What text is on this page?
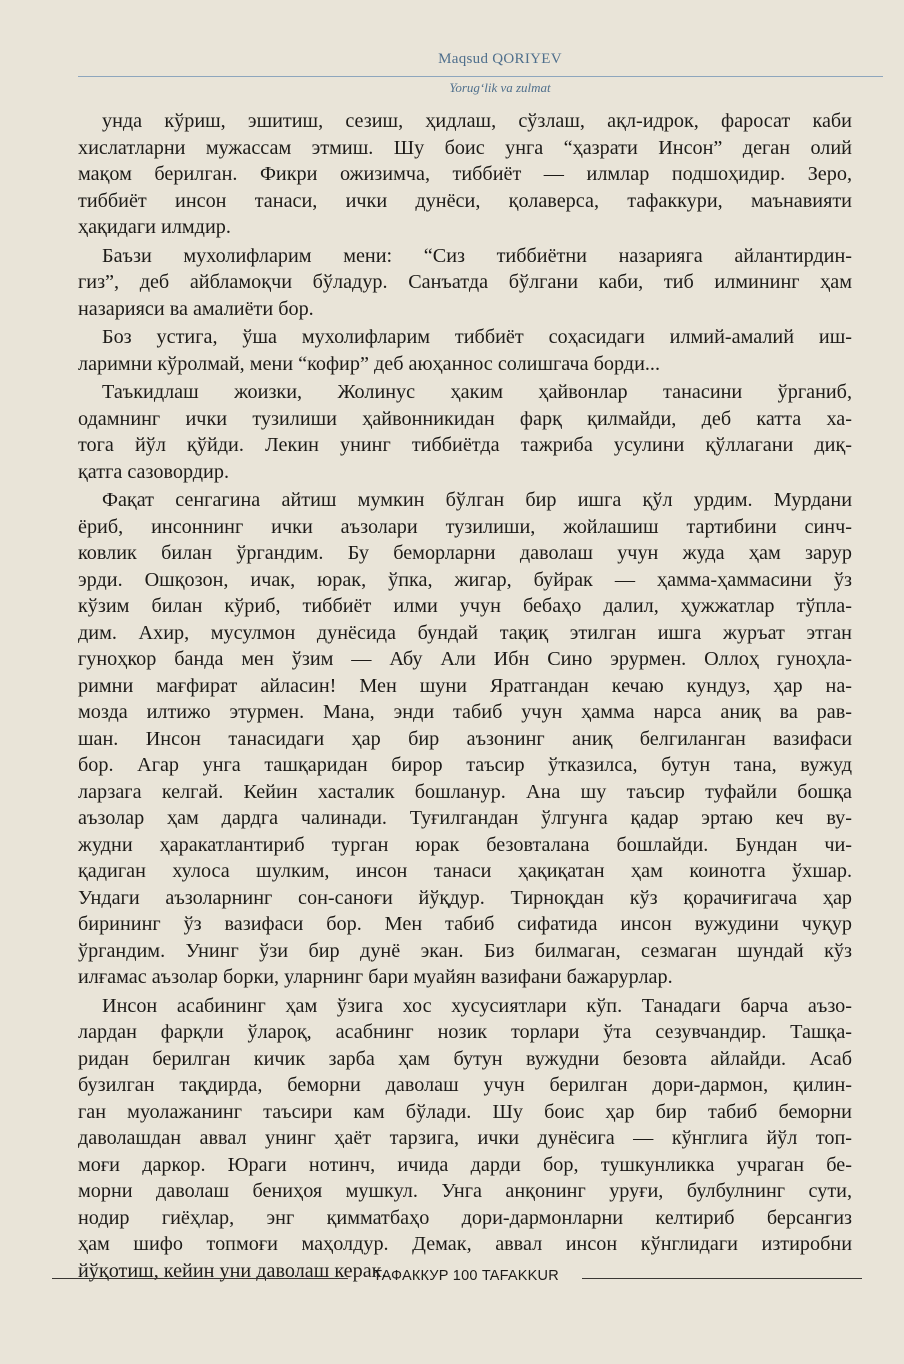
Maqsud QORIYEV
Yorug‘lik va zulmat
унда кўриш, эшитиш, сезиш, ҳидлаш, сўзлаш, ақл-идрок, фаросат каби
хислатларни мужассам этмиш. Шу боис унга “ҳазрати Инсон” деган олий
мақом берилган. Фикри ожизимча, тиббиёт — илмлар подшоҳидир. Зеро,
тиббиёт инсон танаси, ички дунёси, қолаверса, тафаккури, маънавияти
ҳақидаги илмдир.
Баъзи мухолифларим мени: “Сиз тиббиётни назарияга айлантирдин-
гиз”, деб айбламоқчи бўладур. Санъатда бўлгани каби, тиб илмининг ҳам
назарияси ва амалиёти бор.
Боз устига, ўша мухолифларим тиббиёт соҳасидаги илмий-амалий иш-
ларимни кўролмай, мени “кофир” деб аюҳаннос солишгача борди...
Таъкидлаш жоизки, Жолинус ҳаким ҳайвонлар танасини ўрганиб,
одамнинг ички тузилиши ҳайвонникидан фарқ қилмайди, деб катта ха-
тога йўл қўйди. Лекин унинг тиббиётда тажриба усулини қўллагани диқ-
қатга сазовордир.
Фақат сенгагина айтиш мумкин бўлган бир ишга қўл урдим. Мурдани
ёриб, инсоннинг ички аъзолари тузилиши, жойлашиш тартибини синч-
ковлик билан ўргандим. Бу беморларни даволаш учун жуда ҳам зарур
эрди. Ошқозон, ичак, юрак, ўпка, жигар, буйрак — ҳамма-ҳаммасини ўз
кўзим билан кўриб, тиббиёт илми учун бебаҳо далил, ҳужжатлар тўпла-
дим. Ахир, мусулмон дунёсида бундай тақиқ этилган ишга журъат этган
гуноҳкор банда мен ўзим — Абу Али Ибн Сино эрурмен. Оллоҳ гуноҳла-
римни мағфират айласин! Мен шуни Яратгандан кечаю кундуз, ҳар на-
мозда илтижо этурмен. Мана, энди табиб учун ҳамма нарса аниқ ва рав-
шан. Инсон танасидаги ҳар бир аъзонинг аниқ белгиланган вазифаси
бор. Агар унга ташқаридан бирор таъсир ўтказилса, бутун тана, вужуд
ларзага келгай. Кейин хасталик бошланур. Ана шу таъсир туфайли бошқа
аъзолар ҳам дардга чалинади. Туғилгандан ўлгунга қадар эртаю кеч ву-
жудни ҳаракатлантириб турган юрак безовталана бошлайди. Бундан чи-
қадиган хулоса шулким, инсон танаси ҳақиқатан ҳам коинотга ўхшар.
Ундаги аъзоларнинг сон-саноғи йўқдур. Тирноқдан кўз қорачиғигача ҳар
бирининг ўз вазифаси бор. Мен табиб сифатида инсон вужудини чуқур
ўргандим. Унинг ўзи бир дунё экан. Биз билмаган, сезмаган шундай кўз
илғамас аъзолар борки, уларнинг бари муайян вазифани бажарурлар.
Инсон асабининг ҳам ўзига хос хусусиятлари кўп. Танадаги барча аъзо-
лардан фарқли ўлароқ, асабнинг нозик торлари ўта сезувчандир. Ташқа-
ридан берилган кичик зарба ҳам бутун вужудни безовта айлайди. Асаб
бузилган тақдирда, беморни даволаш учун берилган дори-дармон, қилин-
ган муолажанинг таъсири кам бўлади. Шу боис ҳар бир табиб беморни
даволашдан аввал унинг ҳаёт тарзига, ички дунёсига — кўнглига йўл топ-
моғи даркор. Юраги нотинч, ичида дарди бор, тушкунликка учраган бе-
морни даволаш бениҳоя мушкул. Унга анқонинг уруғи, булбулнинг сути,
нодир гиёҳлар, энг қимматбаҳо дори-дармонларни келтириб берсангиз
ҳам шифо топмоғи маҳолдур. Демак, аввал инсон кўнглидаги изтиробни
йўқотиш, кейин уни даволаш керак.
ТАФАККУР 100 TAFAKKUR
